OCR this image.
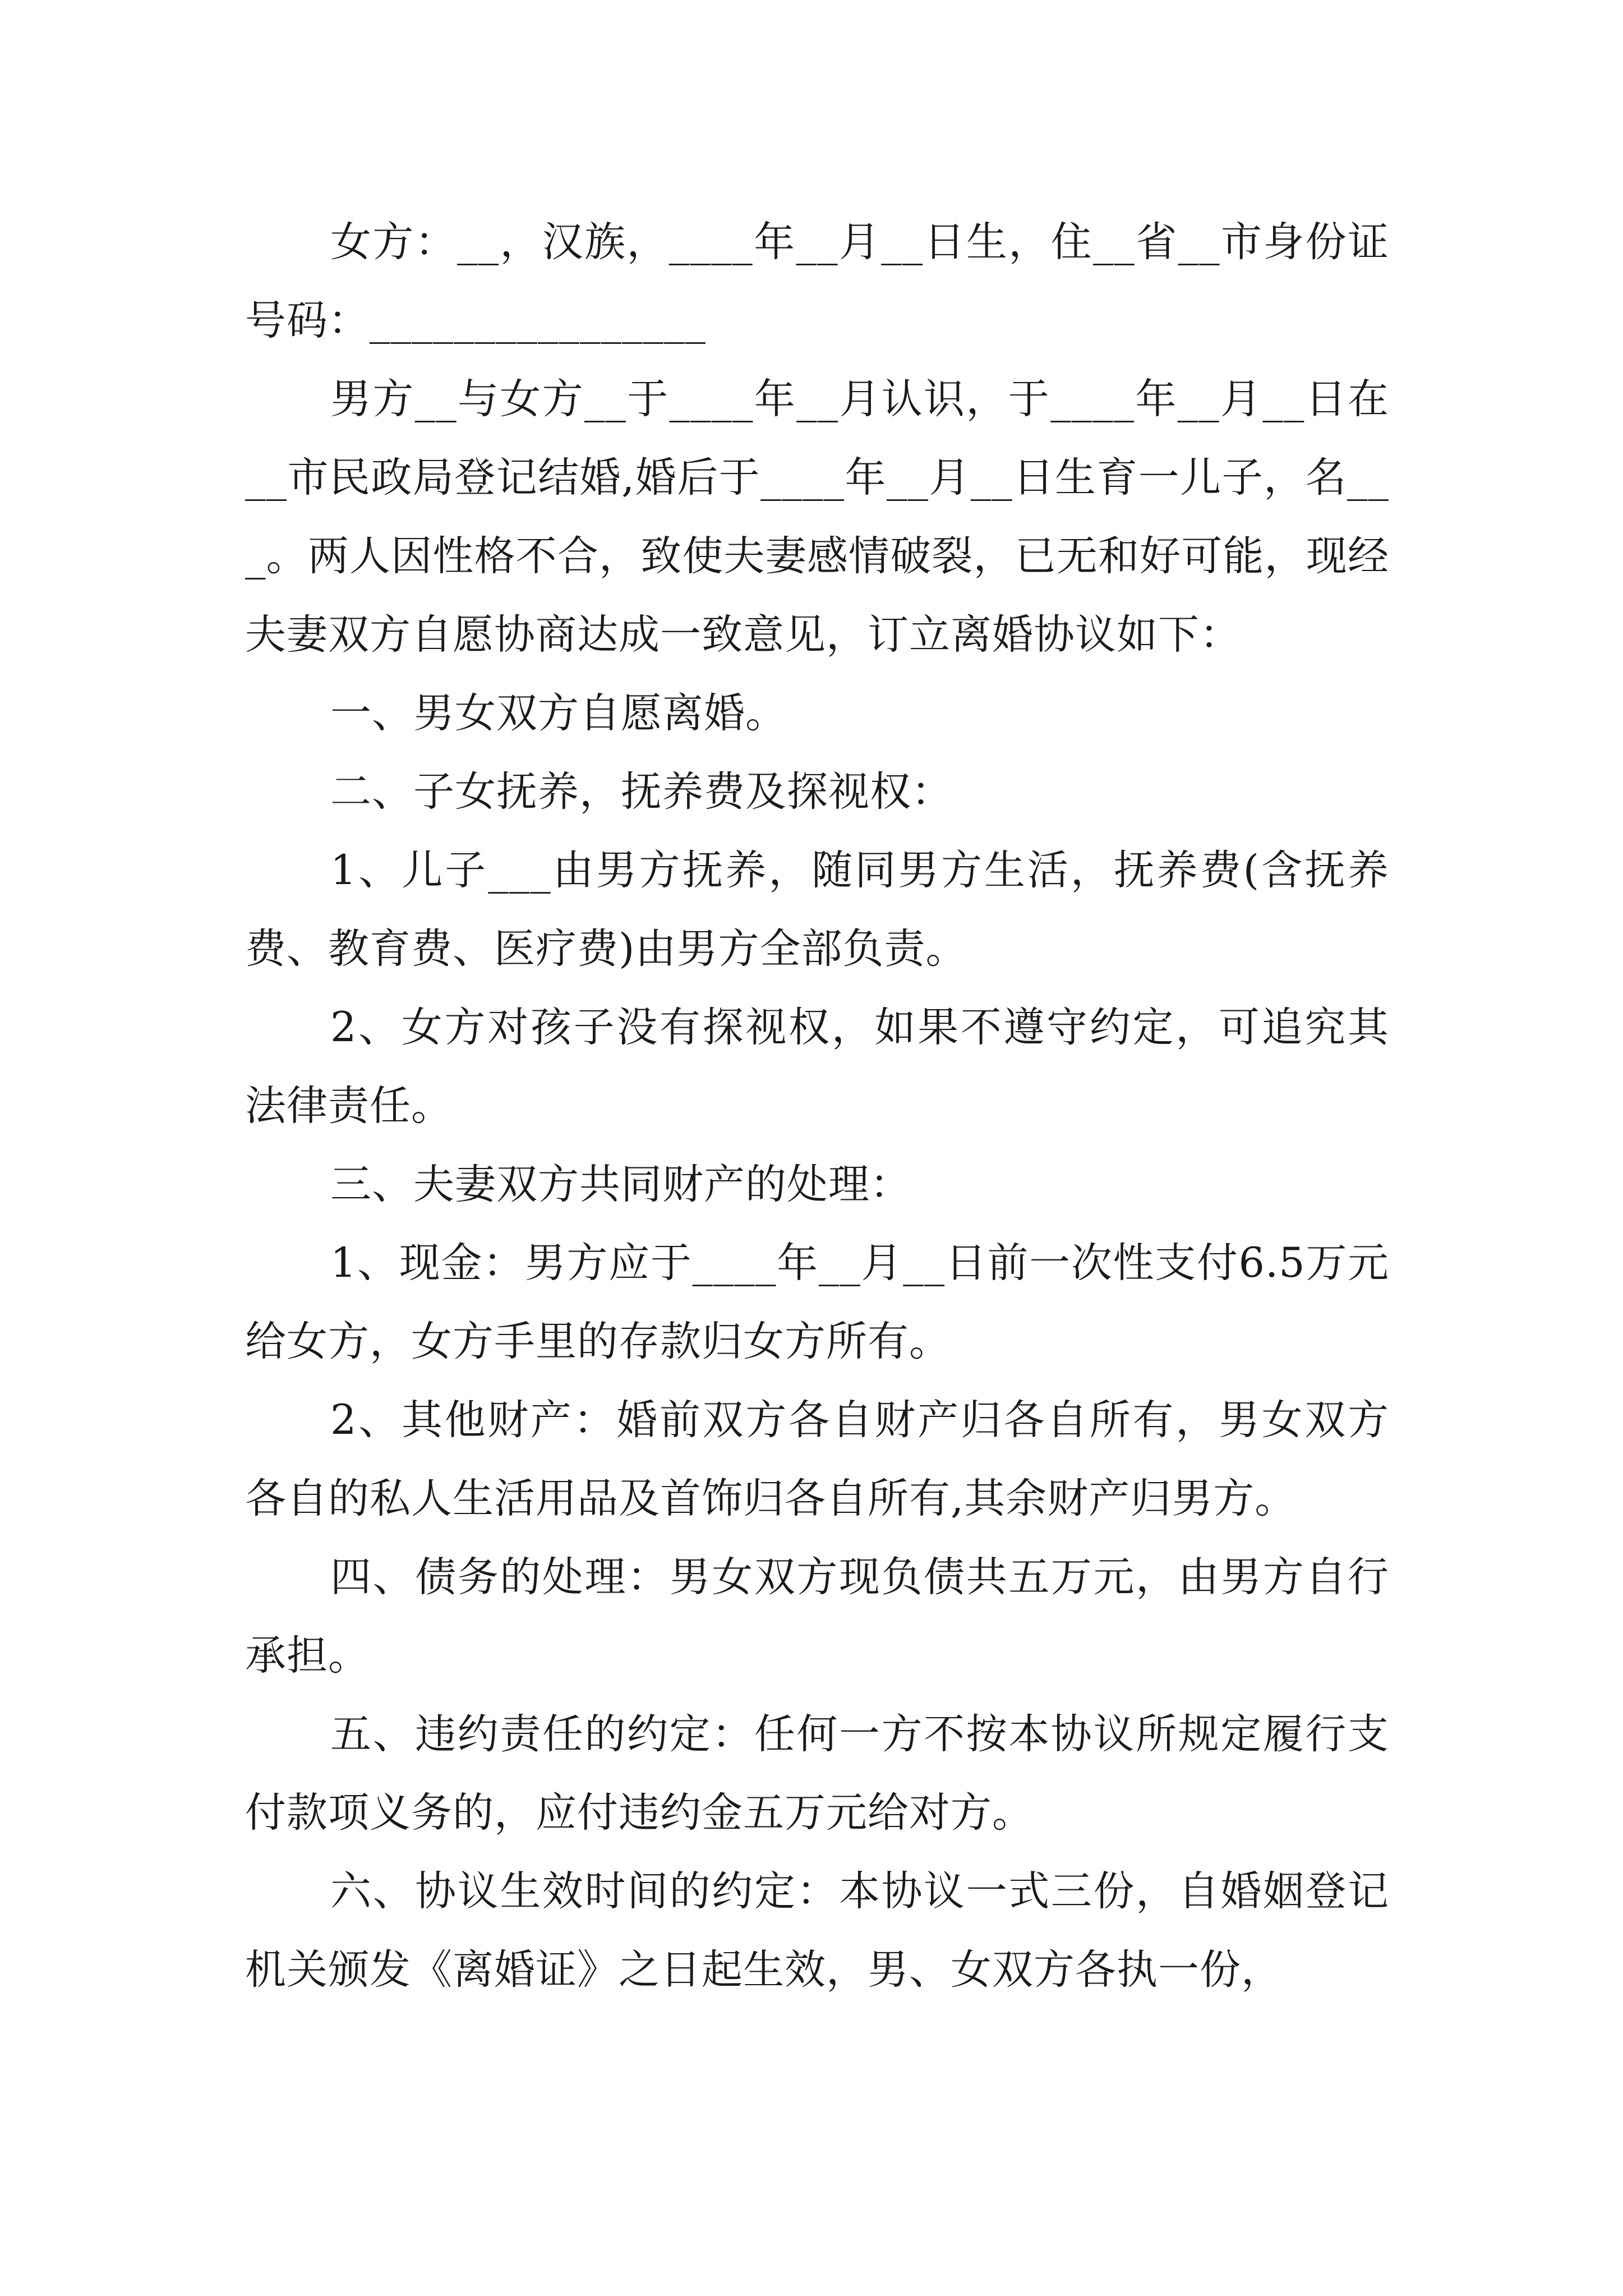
女方：__，汉族，____年__月__日生，住__省__市身份证号码：________________

男方__与女方__于____年__月认识，于____年__月__日在__市民政局登记结婚,婚后于____年__月__日生育一儿子，名___。两人因性格不合，致使夫妻感情破裂，已无和好可能，现经夫妻双方自愿协商达成一致意见，订立离婚协议如下：

一、男女双方自愿离婚。

二、子女抚养，抚养费及探视权：

1、儿子___由男方抚养，随同男方生活，抚养费(含抚养费、教育费、医疗费)由男方全部负责。

2、女方对孩子没有探视权，如果不遵守约定，可追究其法律责任。

三、夫妻双方共同财产的处理：

1、现金：男方应于____年__月__日前一次性支付6.5万元给女方，女方手里的存款归女方所有。

2、其他财产：婚前双方各自财产归各自所有，男女双方各自的私人生活用品及首饰归各自所有,其余财产归男方。

四、债务的处理：男女双方现负债共五万元，由男方自行承担。

五、违约责任的约定：任何一方不按本协议所规定履行支付款项义务的，应付违约金五万元给对方。

六、协议生效时间的约定：本协议一式三份，自婚姻登记机关颁发《离婚证》之日起生效，男、女双方各执一份，
